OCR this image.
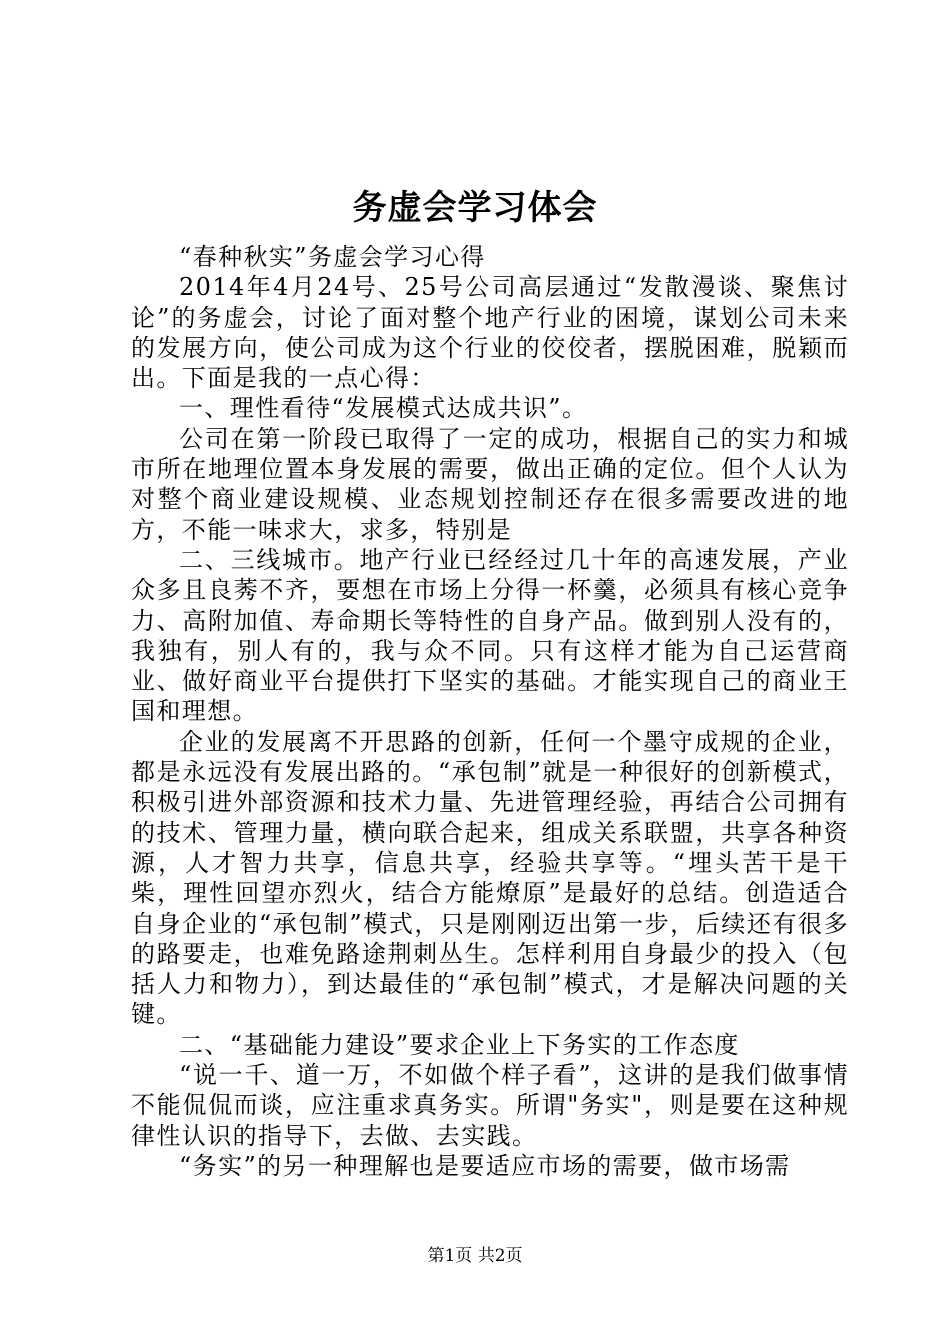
务虚会学习体会

“春种秋实”务虚会学习心得

2014年4月24号、25号公司高层通过“发散漫谈、聚焦讨论”的务虚会，讨论了面对整个地产行业的困境，谋划公司未来的发展方向，使公司成为这个行业的佼佼者，摆脱困难，脱颖而出。下面是我的一点心得：

一、理性看待“发展模式达成共识”。

公司在第一阶段已取得了一定的成功，根据自己的实力和城市所在地理位置本身发展的需要，做出正确的定位。但个人认为对整个商业建设规模、业态规划控制还存在很多需要改进的地方，不能一味求大，求多，特别是

二、三线城市。地产行业已经经过几十年的高速发展，产业众多且良莠不齐，要想在市场上分得一杯羹，必须具有核心竞争力、高附加值、寿命期长等特性的自身产品。做到别人没有的，我独有，别人有的，我与众不同。只有这样才能为自己运营商业、做好商业平台提供打下坚实的基础。才能实现自己的商业王国和理想。

企业的发展离不开思路的创新，任何一个墨守成规的企业，都是永远没有发展出路的。“承包制”就是一种很好的创新模式，积极引进外部资源和技术力量、先进管理经验，再结合公司拥有的技术、管理力量，横向联合起来，组成关系联盟，共享各种资源，人才智力共享，信息共享，经验共享等。“埋头苦干是干柴，理性回望亦烈火，结合方能燎原”是最好的总结。创造适合自身企业的“承包制”模式，只是刚刚迈出第一步，后续还有很多的路要走，也难免路途荆刺丛生。怎样利用自身最少的投入（包括人力和物力），到达最佳的“承包制”模式，才是解决问题的关键。

二、“基础能力建设”要求企业上下务实的工作态度

“说一千、道一万，不如做个样子看”，这讲的是我们做事情不能侃侃而谈，应注重求真务实。所谓"务实"，则是要在这种规律性认识的指导下，去做、去实践。

“务实”的另一种理解也是要适应市场的需要，做市场需

第1页 共2页
